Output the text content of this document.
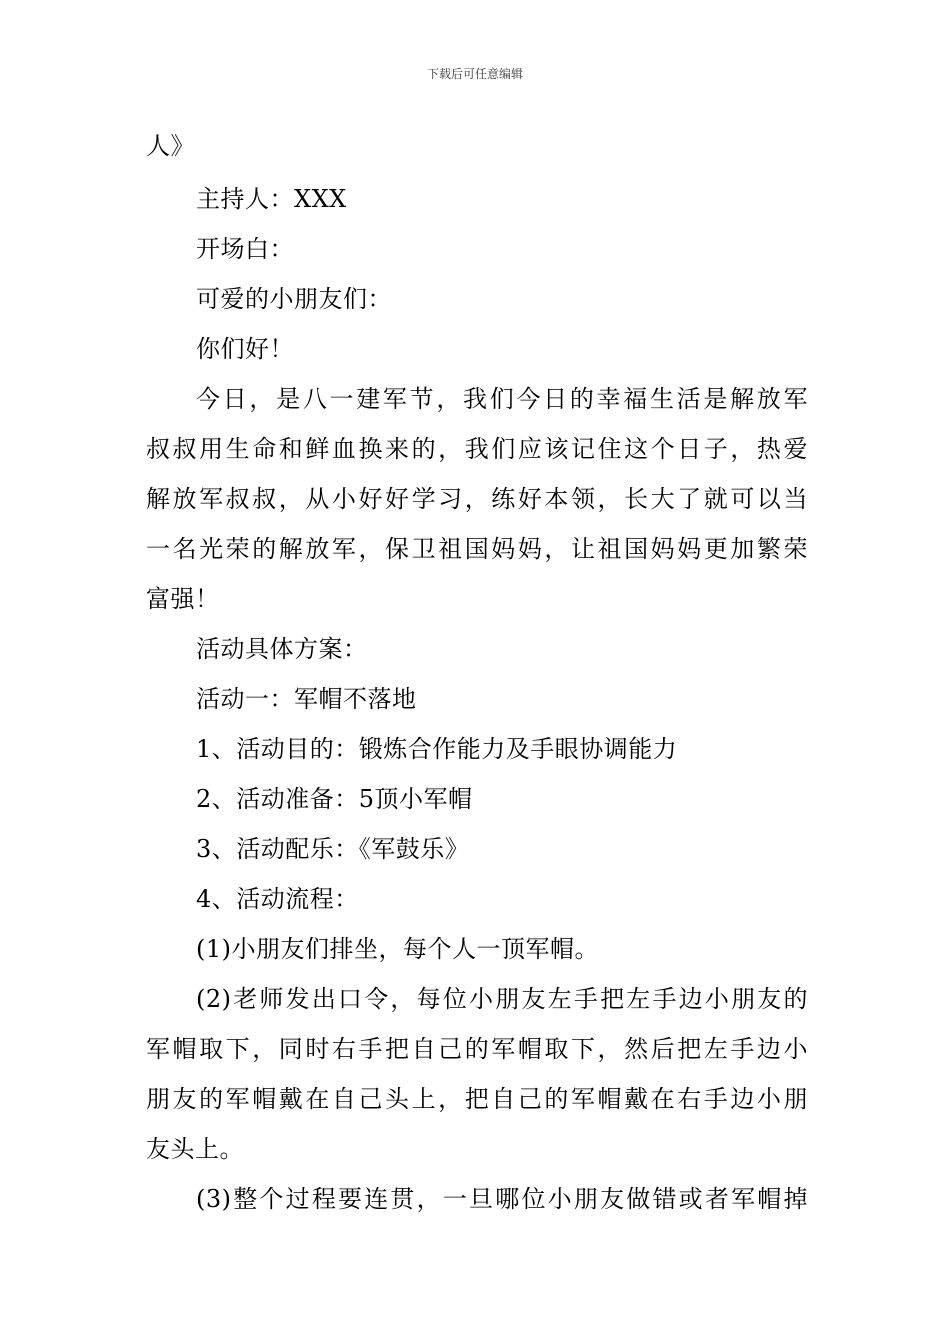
下载后可任意编辑
人》
主持人：XXX
开场白：
可爱的小朋友们：
你们好！
今日，是八一建军节，我们今日的幸福生活是解放军
叔叔用生命和鲜血换来的，我们应该记住这个日子，热爱
解放军叔叔，从小好好学习，练好本领，长大了就可以当
一名光荣的解放军，保卫祖国妈妈，让祖国妈妈更加繁荣
富强！
活动具体方案：
活动一：军帽不落地
1、活动目的：锻炼合作能力及手眼协调能力
2、活动准备：5顶小军帽
3、活动配乐：《军鼓乐》
4、活动流程：
(1)小朋友们排坐，每个人一顶军帽。
(2)老师发出口令，每位小朋友左手把左手边小朋友的
军帽取下，同时右手把自己的军帽取下，然后把左手边小
朋友的军帽戴在自己头上，把自己的军帽戴在右手边小朋
友头上。
(3)整个过程要连贯，一旦哪位小朋友做错或者军帽掉
